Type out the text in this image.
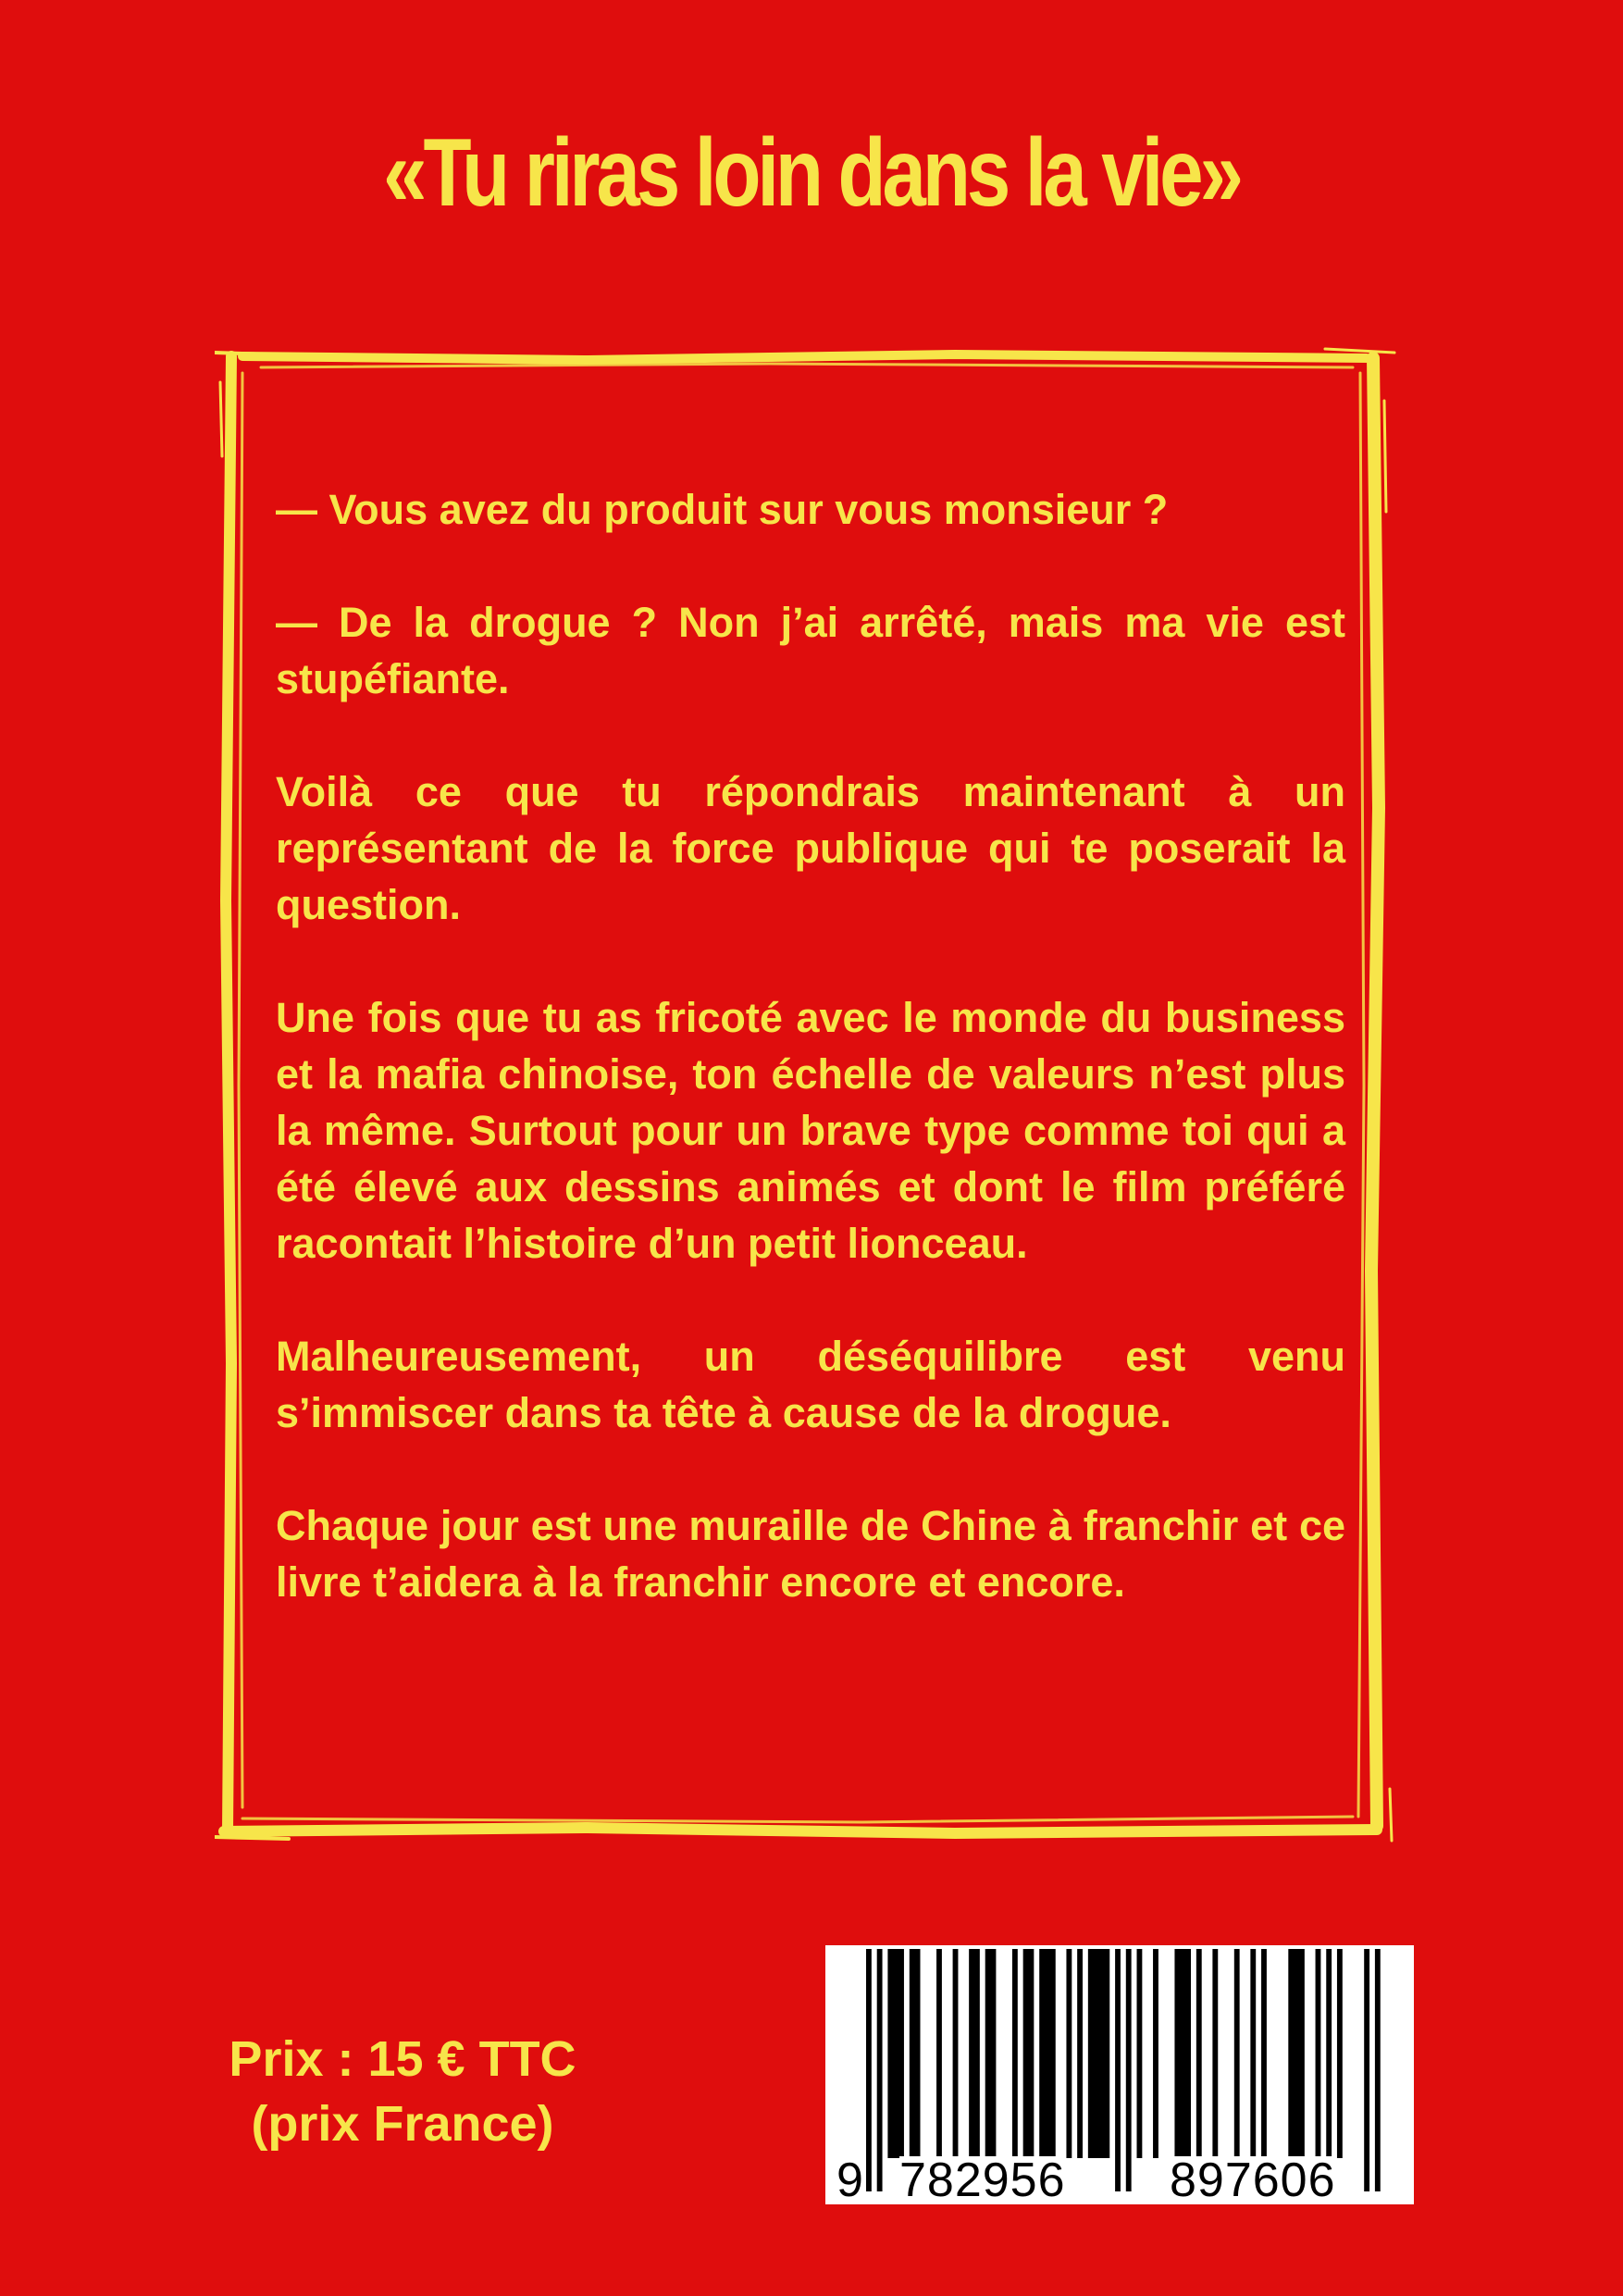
«Tu riras loin dans la vie»

— Vous avez du produit sur vous monsieur ?

— De la drogue ? Non j’ai arrêté, mais ma vie est stupéfiante.

Voilà ce que tu répondrais maintenant à un représentant de la force publique qui te poserait la question.

Une fois que tu as fricoté avec le monde du business et la mafia chinoise, ton échelle de valeurs n’est plus la même. Surtout pour un brave type comme toi qui a été élevé aux dessins animés et dont le film préféré racontait l’histoire d’un petit lionceau.

Malheureusement, un déséquilibre est venu s’immiscer dans ta tête à cause de la drogue.

Chaque jour est une muraille de Chine à franchir et ce livre t’aidera à la franchir encore et encore.

Prix : 15 € TTC
(prix France)
9 782956 897606
